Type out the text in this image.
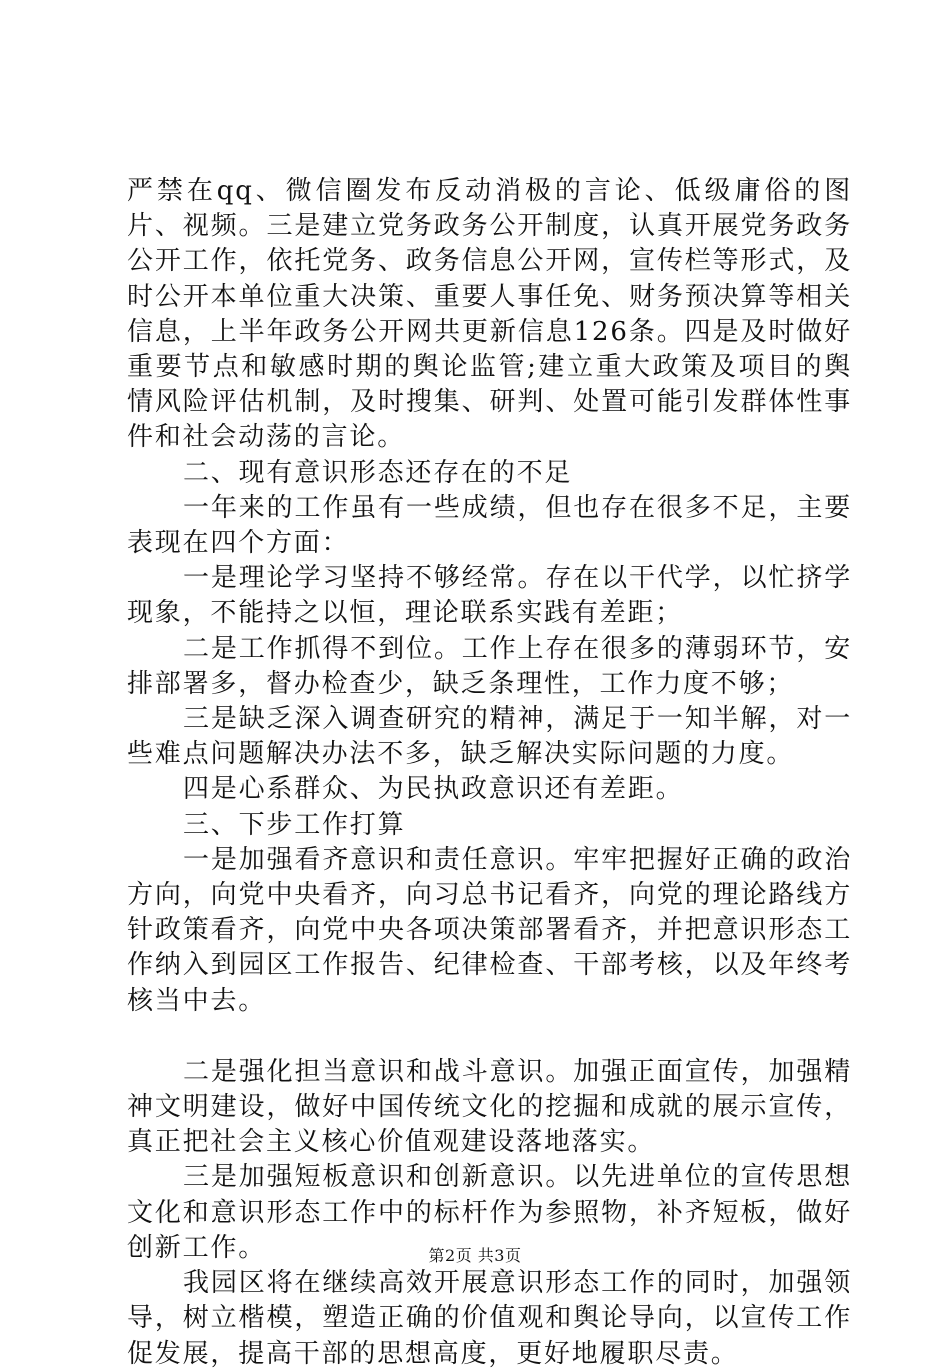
严禁在qq、微信圈发布反动消极的言论、低级庸俗的图片、视频。三是建立党务政务公开制度，认真开展党务政务公开工作，依托党务、政务信息公开网，宣传栏等形式，及时公开本单位重大决策、重要人事任免、财务预决算等相关信息，上半年政务公开网共更新信息126条。四是及时做好重要节点和敏感时期的舆论监管;建立重大政策及项目的舆情风险评估机制，及时搜集、研判、处置可能引发群体性事件和社会动荡的言论。

二、现有意识形态还存在的不足

一年来的工作虽有一些成绩，但也存在很多不足，主要表现在四个方面：

一是理论学习坚持不够经常。存在以干代学，以忙挤学现象，不能持之以恒，理论联系实践有差距；

二是工作抓得不到位。工作上存在很多的薄弱环节，安排部署多，督办检查少，缺乏条理性，工作力度不够；

三是缺乏深入调查研究的精神，满足于一知半解，对一些难点问题解决办法不多，缺乏解决实际问题的力度。

四是心系群众、为民执政意识还有差距。

三、下步工作打算

一是加强看齐意识和责任意识。牢牢把握好正确的政治方向，向党中央看齐，向习总书记看齐，向党的理论路线方针政策看齐，向党中央各项决策部署看齐，并把意识形态工作纳入到园区工作报告、纪律检查、干部考核，以及年终考核当中去。

二是强化担当意识和战斗意识。加强正面宣传，加强精神文明建设，做好中国传统文化的挖掘和成就的展示宣传，真正把社会主义核心价值观建设落地落实。

三是加强短板意识和创新意识。以先进单位的宣传思想文化和意识形态工作中的标杆作为参照物，补齐短板，做好创新工作。

我园区将在继续高效开展意识形态工作的同时，加强领导，树立楷模，塑造正确的价值观和舆论导向，以宣传工作促发展，提高干部的思想高度，更好地履职尽责。

第2页 共3页
